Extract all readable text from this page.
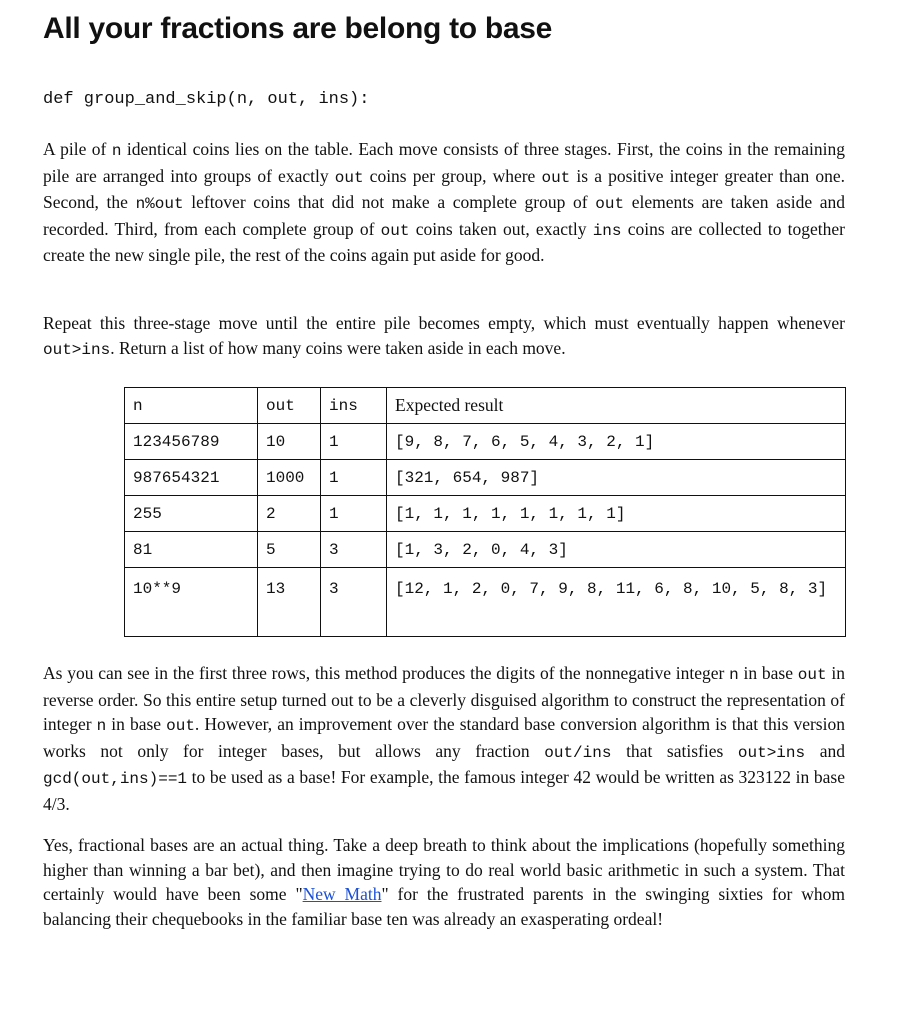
All your fractions are belong to base

def group_and_skip(n, out, ins):

A pile of n identical coins lies on the table. Each move consists of three stages. First, the coins in the remaining pile are arranged into groups of exactly out coins per group, where out is a positive integer greater than one. Second, the n%out leftover coins that did not make a complete group of out elements are taken aside and recorded. Third, from each complete group of out coins taken out, exactly ins coins are collected to together create the new single pile, the rest of the coins again put aside for good.

Repeat this three-stage move until the entire pile becomes empty, which must eventually happen whenever out>ins. Return a list of how many coins were taken aside in each move.

n	out	ins	Expected result
123456789	10	1	[9, 8, 7, 6, 5, 4, 3, 2, 1]
987654321	1000	1	[321, 654, 987]
255	2	1	[1, 1, 1, 1, 1, 1, 1, 1]
81	5	3	[1, 3, 2, 0, 4, 3]
10**9	13	3	[12, 1, 2, 0, 7, 9, 8, 11, 6, 8, 10, 5, 8, 3]

As you can see in the first three rows, this method produces the digits of the nonnegative integer n in base out in reverse order. So this entire setup turned out to be a cleverly disguised algorithm to construct the representation of integer n in base out. However, an improvement over the standard base conversion algorithm is that this version works not only for integer bases, but allows any fraction out/ins that satisfies out>ins and gcd(out,ins)==1 to be used as a base! For example, the famous integer 42 would be written as 323122 in base 4/3.

Yes, fractional bases are an actual thing. Take a deep breath to think about the implications (hopefully something higher than winning a bar bet), and then imagine trying to do real world basic arithmetic in such a system. That certainly would have been some "New Math" for the frustrated parents in the swinging sixties for whom balancing their chequebooks in the familiar base ten was already an exasperating ordeal!
